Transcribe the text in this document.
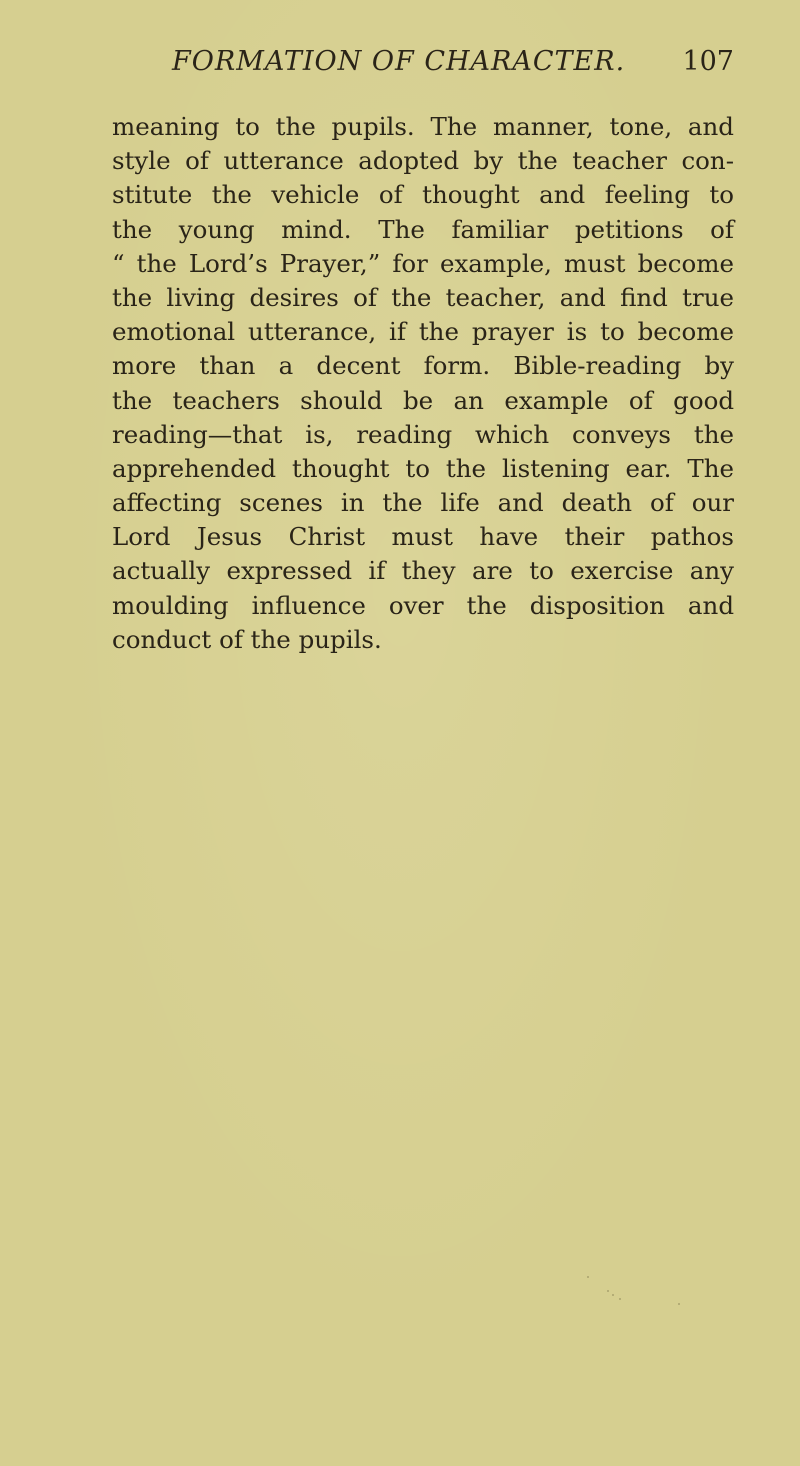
FORMATION OF CHARACTER. 107
meaning to the pupils. The manner, tone, and
style of utterance adopted by the teacher con-
stitute the vehicle of thought and feeling to
the young mind. The familiar petitions of
“ the Lord’s Prayer,” for example, must become
the living desires of the teacher, and find true
emotional utterance, if the prayer is to become
more than a decent form. Bible-reading by
the teachers should be an example of good
reading—that is, reading which conveys the
apprehended thought to the listening ear. The
affecting scenes in the life and death of our
Lord Jesus Christ must have their pathos
actually expressed if they are to exercise any
moulding influence over the disposition and
conduct of the pupils.
